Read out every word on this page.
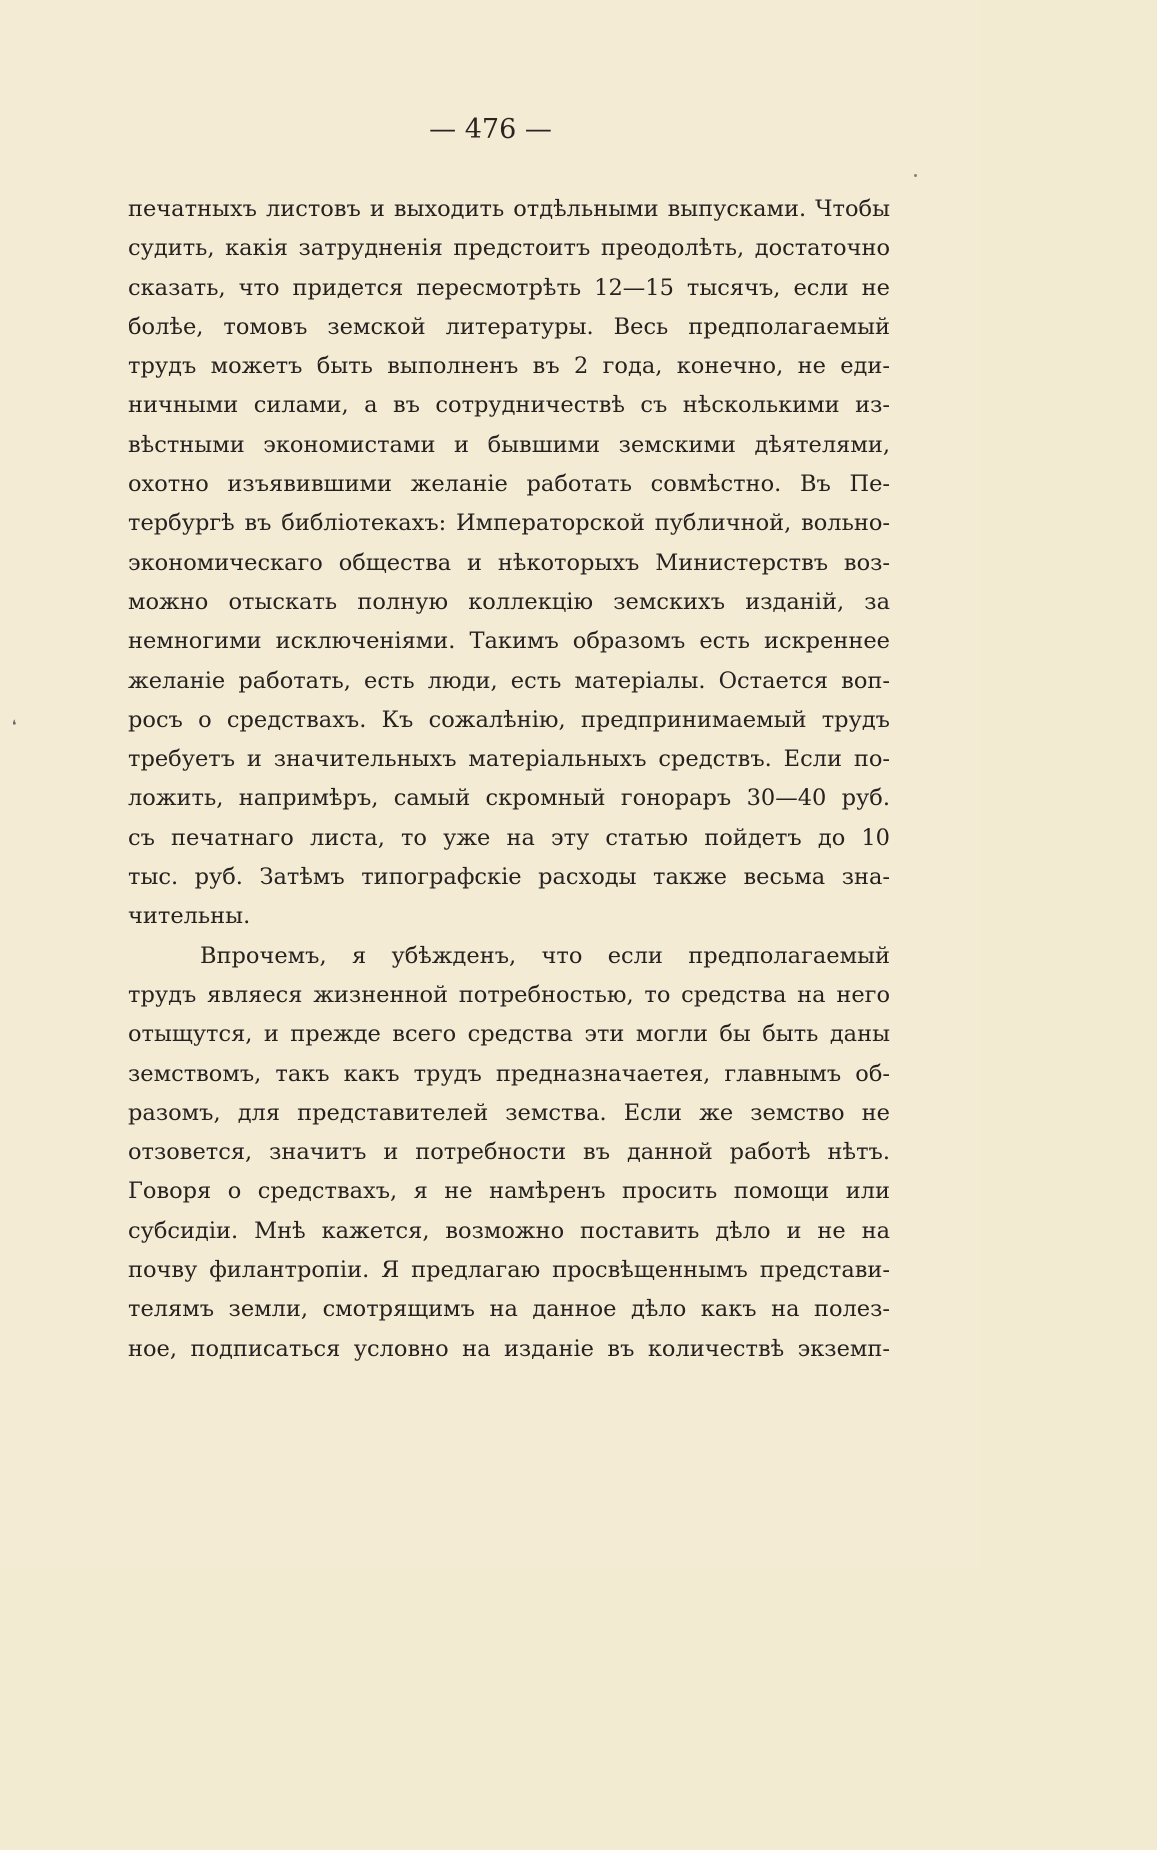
❛
— 476 —
печатныхъ листовъ и выходить отдѣльными выпусками. Чтобы
судить, какія затрудненія предстоитъ преодолѣть, достаточно
сказать, что придется пересмотрѣть 12—15 тысячъ, если не
болѣе, томовъ земской литературы. Весь предполагаемый
трудъ можетъ быть выполненъ въ 2 года, конечно, не еди-
ничными силами, а въ сотрудничествѣ съ нѣсколькими из-
вѣстными экономистами и бывшими земскими дѣятелями,
охотно изъявившими желаніе работать совмѣстно. Въ Пе-
тербургѣ въ библіотекахъ: Императорской публичной, вольно-
экономическаго общества и нѣкоторыхъ Министерствъ воз-
можно отыскать полную коллекцію земскихъ изданій, за
немногими исключеніями. Такимъ образомъ есть искреннее
желаніе работать, есть люди, есть матеріалы. Остается воп-
росъ о средствахъ. Къ сожалѣнію, предпринимаемый трудъ
требуетъ и значительныхъ матеріальныхъ средствъ. Если по-
ложить, напримѣръ, самый скромный гонораръ 30—40 руб.
съ печатнаго листа, то уже на эту статью пойдетъ до 10
тыс. руб. Затѣмъ типографскіе расходы также весьма зна-
чительны.
Впрочемъ, я убѣжденъ, что если предполагаемый
трудъ являеся жизненной потребностью, то средства на него
отыщутся, и прежде всего средства эти могли бы быть даны
земствомъ, такъ какъ трудъ предназначаетея, главнымъ об-
разомъ, для представителей земства. Если же земство не
отзовется, значитъ и потребности въ данной работѣ нѣтъ.
Говоря о средствахъ, я не намѣренъ просить помощи или
субсидіи. Мнѣ кажется, возможно поставить дѣло и не на
почву филантропіи. Я предлагаю просвѣщеннымъ представи-
телямъ земли, смотрящимъ на данное дѣло какъ на полез-
ное, подписаться условно на изданіе въ количествѣ экземп-
